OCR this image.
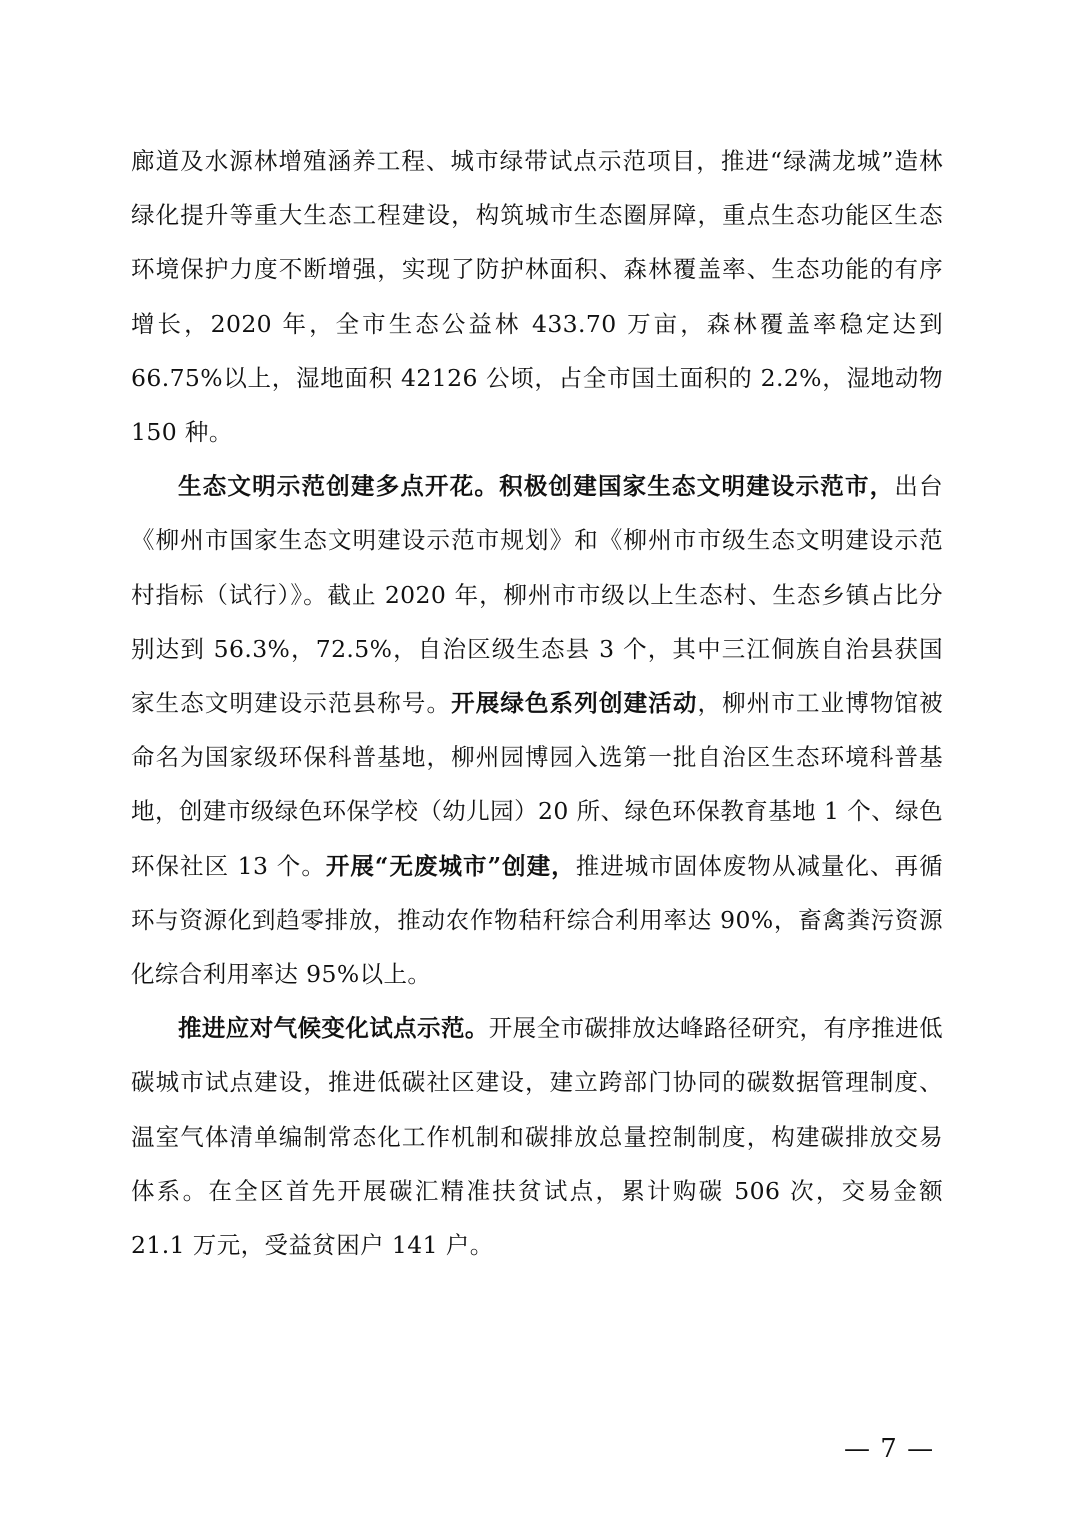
廊道及水源林增殖涵养工程、城市绿带试点示范项目，推进“绿满龙城”造林绿化提升等重大生态工程建设，构筑城市生态圈屏障，重点生态功能区生态环境保护力度不断增强，实现了防护林面积、森林覆盖率、生态功能的有序增长，2020 年，全市生态公益林 433.70 万亩，森林覆盖率稳定达到 66.75%以上，湿地面积 42126 公顷，占全市国土面积的 2.2%，湿地动物 150 种。

生态文明示范创建多点开花。积极创建国家生态文明建设示范市，出台《柳州市国家生态文明建设示范市规划》和《柳州市市级生态文明建设示范村指标（试行）》。截止 2020 年，柳州市市级以上生态村、生态乡镇占比分别达到 56.3%，72.5%，自治区级生态县 3 个，其中三江侗族自治县获国家生态文明建设示范县称号。开展绿色系列创建活动，柳州市工业博物馆被命名为国家级环保科普基地，柳州园博园入选第一批自治区生态环境科普基地，创建市级绿色环保学校（幼儿园）20 所、绿色环保教育基地 1 个、绿色环保社区 13 个。开展“无废城市”创建，推进城市固体废物从减量化、再循环与资源化到趋零排放，推动农作物秸秆综合利用率达 90%，畜禽粪污资源化综合利用率达 95%以上。

推进应对气候变化试点示范。开展全市碳排放达峰路径研究，有序推进低碳城市试点建设，推进低碳社区建设，建立跨部门协同的碳数据管理制度、温室气体清单编制常态化工作机制和碳排放总量控制制度，构建碳排放交易体系。在全区首先开展碳汇精准扶贫试点，累计购碳 506 次，交易金额 21.1 万元，受益贫困户 141 户。

— 7 —
